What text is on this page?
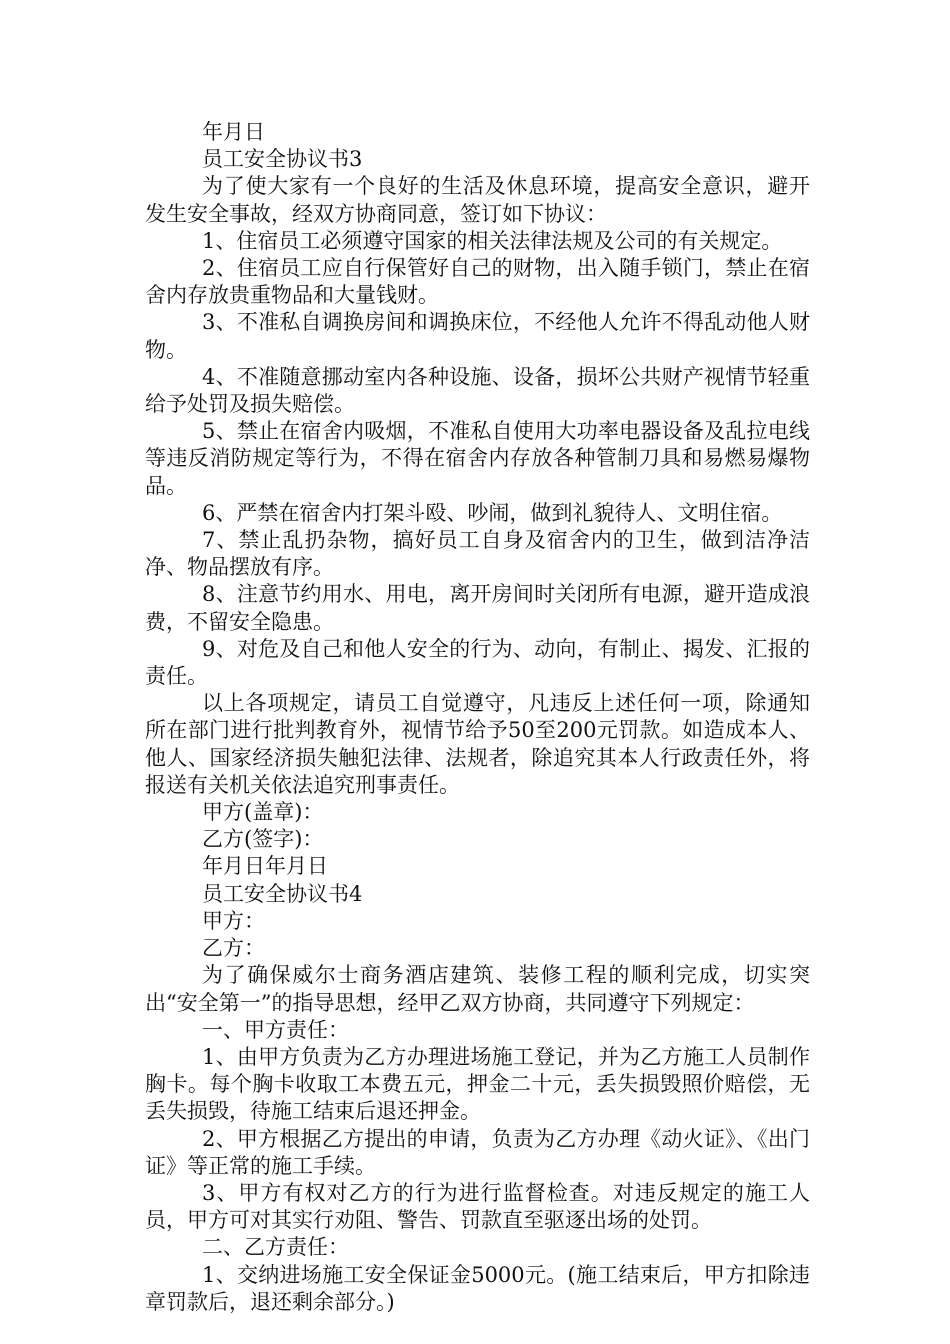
年月日

员工安全协议书3

为了使大家有一个良好的生活及休息环境，提高安全意识，避开发生安全事故，经双方协商同意，签订如下协议：

1、住宿员工必须遵守国家的相关法律法规及公司的有关规定。

2、住宿员工应自行保管好自己的财物，出入随手锁门，禁止在宿舍内存放贵重物品和大量钱财。

3、不准私自调换房间和调换床位，不经他人允许不得乱动他人财物。

4、不准随意挪动室内各种设施、设备，损坏公共财产视情节轻重给予处罚及损失赔偿。

5、禁止在宿舍内吸烟，不准私自使用大功率电器设备及乱拉电线等违反消防规定等行为，不得在宿舍内存放各种管制刀具和易燃易爆物品。

6、严禁在宿舍内打架斗殴、吵闹，做到礼貌待人、文明住宿。

7、禁止乱扔杂物，搞好员工自身及宿舍内的卫生，做到洁净洁净、物品摆放有序。

8、注意节约用水、用电，离开房间时关闭所有电源，避开造成浪费，不留安全隐患。

9、对危及自己和他人安全的行为、动向，有制止、揭发、汇报的责任。

以上各项规定，请员工自觉遵守，凡违反上述任何一项，除通知所在部门进行批判教育外，视情节给予50至200元罚款。如造成本人、他人、国家经济损失触犯法律、法规者，除追究其本人行政责任外，将报送有关机关依法追究刑事责任。

甲方(盖章)：

乙方(签字)：

年月日年月日

员工安全协议书4

甲方：

乙方：

为了确保威尔士商务酒店建筑、装修工程的顺利完成，切实突出“安全第一”的指导思想，经甲乙双方协商，共同遵守下列规定：

一、甲方责任：

1、由甲方负责为乙方办理进场施工登记，并为乙方施工人员制作胸卡。每个胸卡收取工本费五元，押金二十元，丢失损毁照价赔偿，无丢失损毁，待施工结束后退还押金。

2、甲方根据乙方提出的申请，负责为乙方办理《动火证》、《出门证》等正常的施工手续。

3、甲方有权对乙方的行为进行监督检查。对违反规定的施工人员，甲方可对其实行劝阻、警告、罚款直至驱逐出场的处罚。

二、乙方责任：

1、交纳进场施工安全保证金5000元。(施工结束后，甲方扣除违章罚款后，退还剩余部分。)
